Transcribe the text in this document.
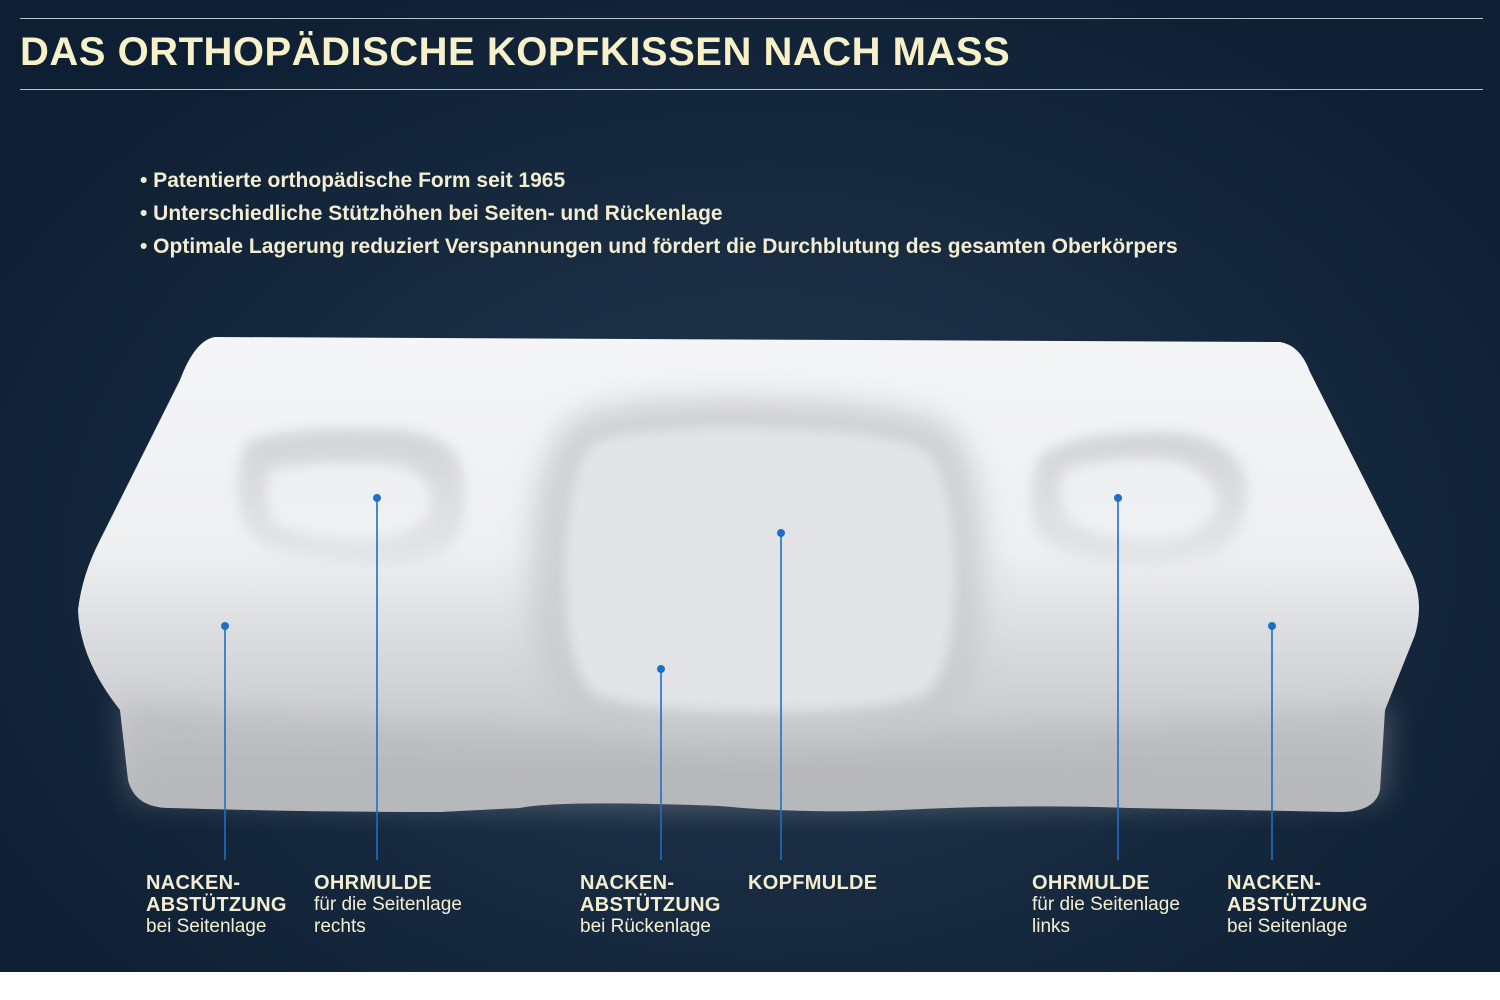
DAS ORTHOPÄDISCHE KOPFKISSEN NACH MASS
• Patentierte orthopädische Form seit 1965
• Unterschiedliche Stützhöhen bei Seiten- und Rückenlage
• Optimale Lagerung reduziert Verspannungen und fördert die Durchblutung des gesamten Oberkörpers
NACKEN-
ABSTÜTZUNG
bei Seitenlage
OHRMULDE
für die Seitenlage
rechts
NACKEN-
ABSTÜTZUNG
bei Rückenlage
KOPFMULDE	OHRMULDE
für die Seitenlage
links
NACKEN-
ABSTÜTZUNG
bei Seitenlage
